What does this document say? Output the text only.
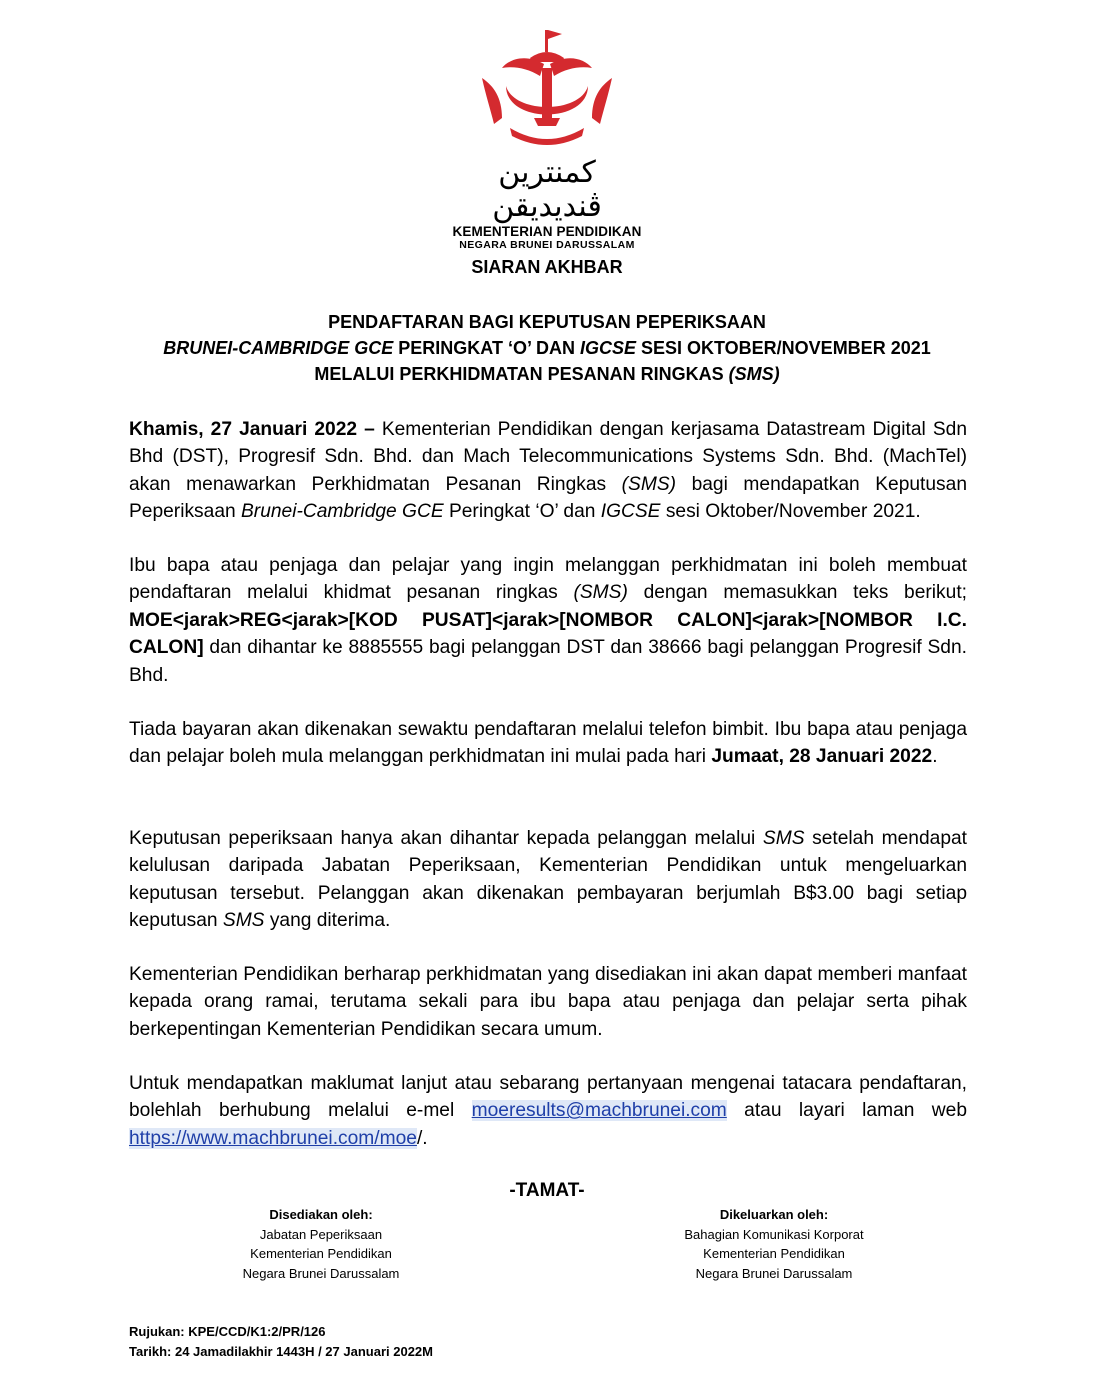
کمنترين ڤنديديقن
KEMENTERIAN PENDIDIKAN
NEGARA BRUNEI DARUSSALAM
SIARAN AKHBAR
PENDAFTARAN BAGI KEPUTUSAN PEPERIKSAAN
BRUNEI-CAMBRIDGE GCE PERINGKAT ‘O’ DAN IGCSE SESI OKTOBER/NOVEMBER 2021
MELALUI PERKHIDMATAN PESANAN RINGKAS (SMS)
Khamis, 27 Januari 2022 – Kementerian Pendidikan dengan kerjasama Datastream Digital Sdn Bhd (DST), Progresif Sdn. Bhd. dan Mach Telecommunications Systems Sdn. Bhd. (MachTel) akan menawarkan Perkhidmatan Pesanan Ringkas (SMS) bagi mendapatkan Keputusan Peperiksaan Brunei-Cambridge GCE Peringkat ‘O’ dan IGCSE sesi Oktober/November 2021.
Ibu bapa atau penjaga dan pelajar yang ingin melanggan perkhidmatan ini boleh membuat pendaftaran melalui khidmat pesanan ringkas (SMS) dengan memasukkan teks berikut; MOE<jarak>REG<jarak>[KOD PUSAT]<jarak>[NOMBOR CALON]<jarak>[NOMBOR I.C. CALON] dan dihantar ke 8885555 bagi pelanggan DST dan 38666 bagi pelanggan Progresif Sdn. Bhd.
Tiada bayaran akan dikenakan sewaktu pendaftaran melalui telefon bimbit. Ibu bapa atau penjaga dan pelajar boleh mula melanggan perkhidmatan ini mulai pada hari Jumaat, 28 Januari 2022.
Keputusan peperiksaan hanya akan dihantar kepada pelanggan melalui SMS setelah mendapat kelulusan daripada Jabatan Peperiksaan, Kementerian Pendidikan untuk mengeluarkan keputusan tersebut. Pelanggan akan dikenakan pembayaran berjumlah B$3.00 bagi setiap keputusan SMS yang diterima.
Kementerian Pendidikan berharap perkhidmatan yang disediakan ini akan dapat memberi manfaat kepada orang ramai, terutama sekali para ibu bapa atau penjaga dan pelajar serta pihak berkepentingan Kementerian Pendidikan secara umum.
Untuk mendapatkan maklumat lanjut atau sebarang pertanyaan mengenai tatacara pendaftaran, bolehlah berhubung melalui e-mel moeresults@machbrunei.com atau layari laman web https://www.machbrunei.com/moe/.
-TAMAT-
Disediakan oleh:
Jabatan Peperiksaan
Kementerian Pendidikan
Negara Brunei Darussalam
Dikeluarkan oleh:
Bahagian Komunikasi Korporat
Kementerian Pendidikan
Negara Brunei Darussalam
Rujukan: KPE/CCD/K1:2/PR/126
Tarikh: 24 Jamadilakhir 1443H / 27 Januari 2022M
